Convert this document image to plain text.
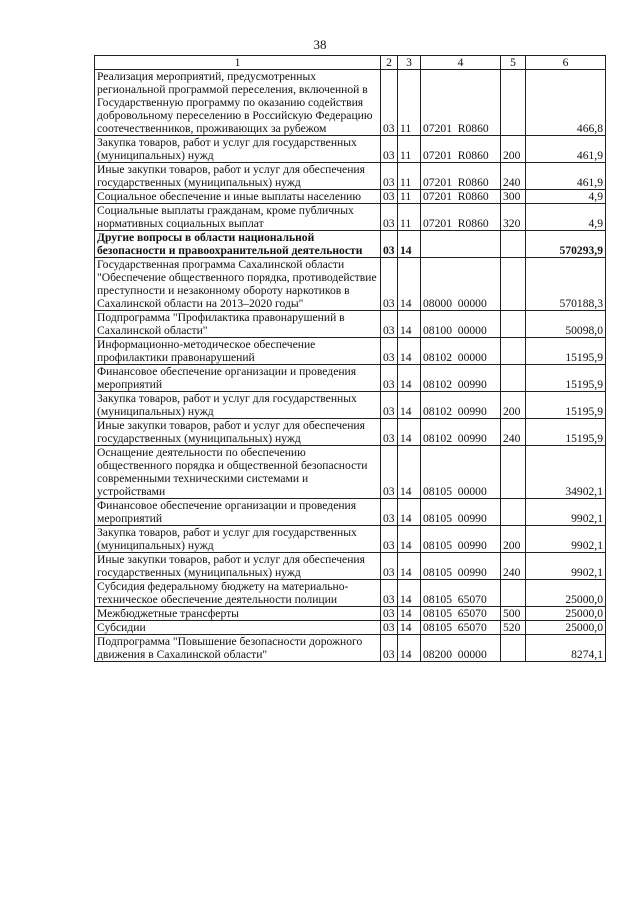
38
1	2	3	4	5	6
Реализация мероприятий, предусмотренных региональной программой переселения, включенной в Государственную программу по оказанию содействия добровольному переселению в Российскую Федерацию соотечественников, проживающих за рубежом	03	11	07201  R0860		466,8
Закупка товаров, работ и услуг для государственных (муниципальных) нужд	03	11	07201  R0860	200	461,9
Иные закупки товаров, работ и услуг для обеспечения государственных (муниципальных) нужд	03	11	07201  R0860	240	461,9
Социальное обеспечение и иные выплаты населению	03	11	07201  R0860	300	4,9
Социальные выплаты гражданам, кроме публичных нормативных социальных выплат	03	11	07201  R0860	320	4,9
Другие вопросы в области национальной безопасности и правоохранительной деятельности	03	14			570293,9
Государственная программа Сахалинской области "Обеспечение общественного порядка, противодействие преступности и незаконному обороту наркотиков в Сахалинской области на 2013–2020 годы"	03	14	08000  00000		570188,3
Подпрограмма "Профилактика правонарушений в Сахалинской области"	03	14	08100  00000		50098,0
Информационно-методическое обеспечение профилактики правонарушений	03	14	08102  00000		15195,9
Финансовое обеспечение организации и проведения мероприятий	03	14	08102  00990		15195,9
Закупка товаров, работ и услуг для государственных (муниципальных) нужд	03	14	08102  00990	200	15195,9
Иные закупки товаров, работ и услуг для обеспечения государственных (муниципальных) нужд	03	14	08102  00990	240	15195,9
Оснащение деятельности по обеспечению общественного порядка и общественной безопасности современными техническими системами и устройствами	03	14	08105  00000		34902,1
Финансовое обеспечение организации и проведения мероприятий	03	14	08105  00990		9902,1
Закупка товаров, работ и услуг для государственных (муниципальных) нужд	03	14	08105  00990	200	9902,1
Иные закупки товаров, работ и услуг для обеспечения государственных (муниципальных) нужд	03	14	08105  00990	240	9902,1
Субсидия федеральному бюджету на материально-техническое обеспечение деятельности полиции	03	14	08105  65070		25000,0
Межбюджетные трансферты	03	14	08105  65070	500	25000,0
Субсидии	03	14	08105  65070	520	25000,0
Подпрограмма "Повышение безопасности дорожного движения в Сахалинской области"	03	14	08200  00000		8274,1
